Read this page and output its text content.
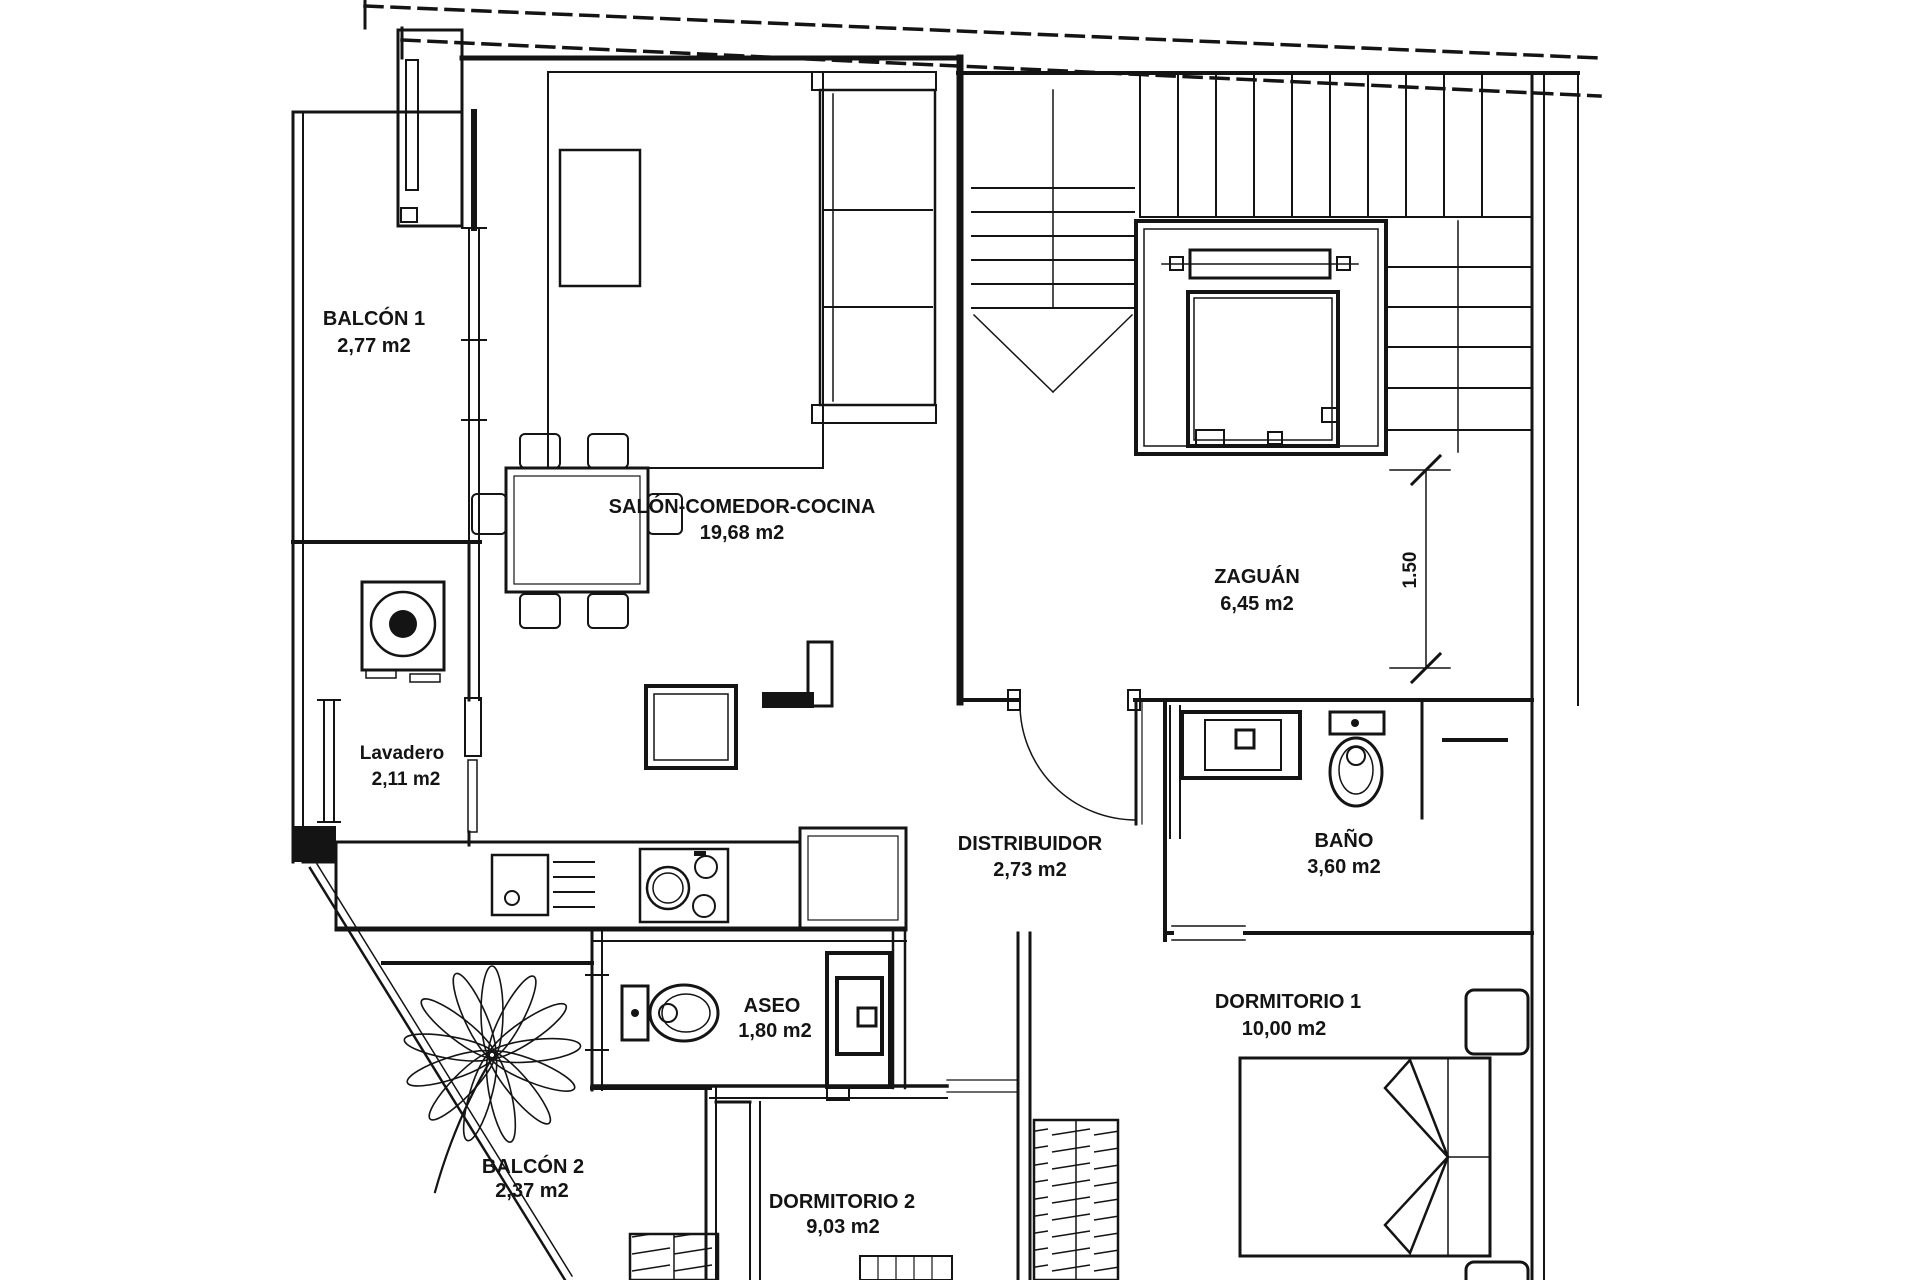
BALCÓN 1
2,77 m2
SALÓN-COMEDOR-COCINA
19,68 m2
ZAGUÁN
6,45 m2
Lavadero
2,11 m2
DISTRIBUIDOR
2,73 m2
BAÑO
3,60 m2
ASEO
1,80 m2
DORMITORIO 1
10,00 m2
DORMITORIO 2
9,03 m2
BALCÓN 2
2,37 m2
1.50
